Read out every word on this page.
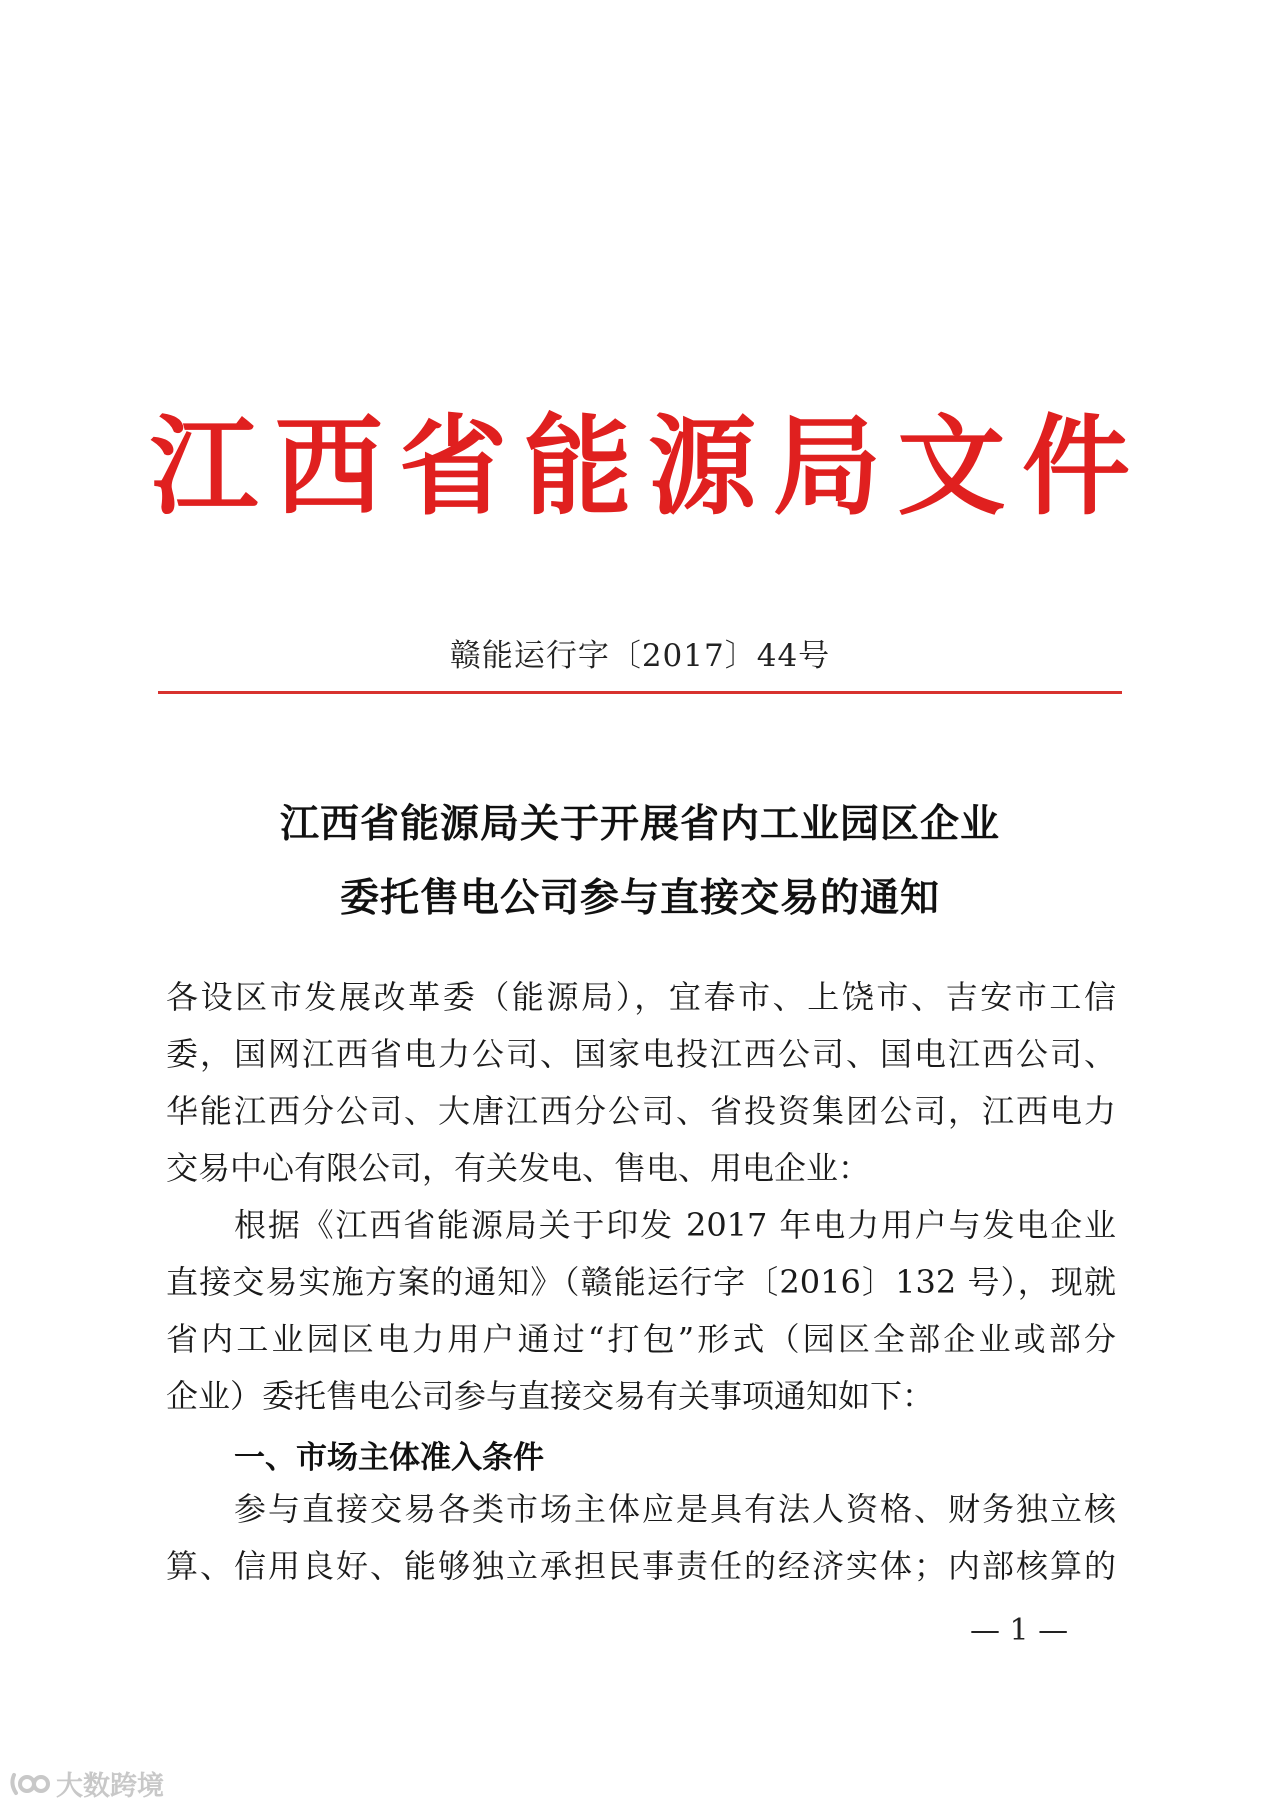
江 西 省 能 源 局 文 件
赣能运行字〔2017〕44号
江西省能源局关于开展省内工业园区企业
委托售电公司参与直接交易的通知
各设区市发展改革委（能源局），宜春市、上饶市、吉安市工信
委，国网江西省电力公司、国家电投江西公司、国电江西公司、
华能江西分公司、大唐江西分公司、省投资集团公司，江西电力
交易中心有限公司，有关发电、售电、用电企业：
根据《江西省能源局关于印发 2017 年电力用户与发电企业
直接交易实施方案的通知》（赣能运行字〔2016〕132 号），现就
省内工业园区电力用户通过“打包”形式（园区全部企业或部分
企业）委托售电公司参与直接交易有关事项通知如下：
一、市场主体准入条件
参与直接交易各类市场主体应是具有法人资格、财务独立核
算、信用良好、能够独立承担民事责任的经济实体；内部核算的
— 1 —
大数跨境
